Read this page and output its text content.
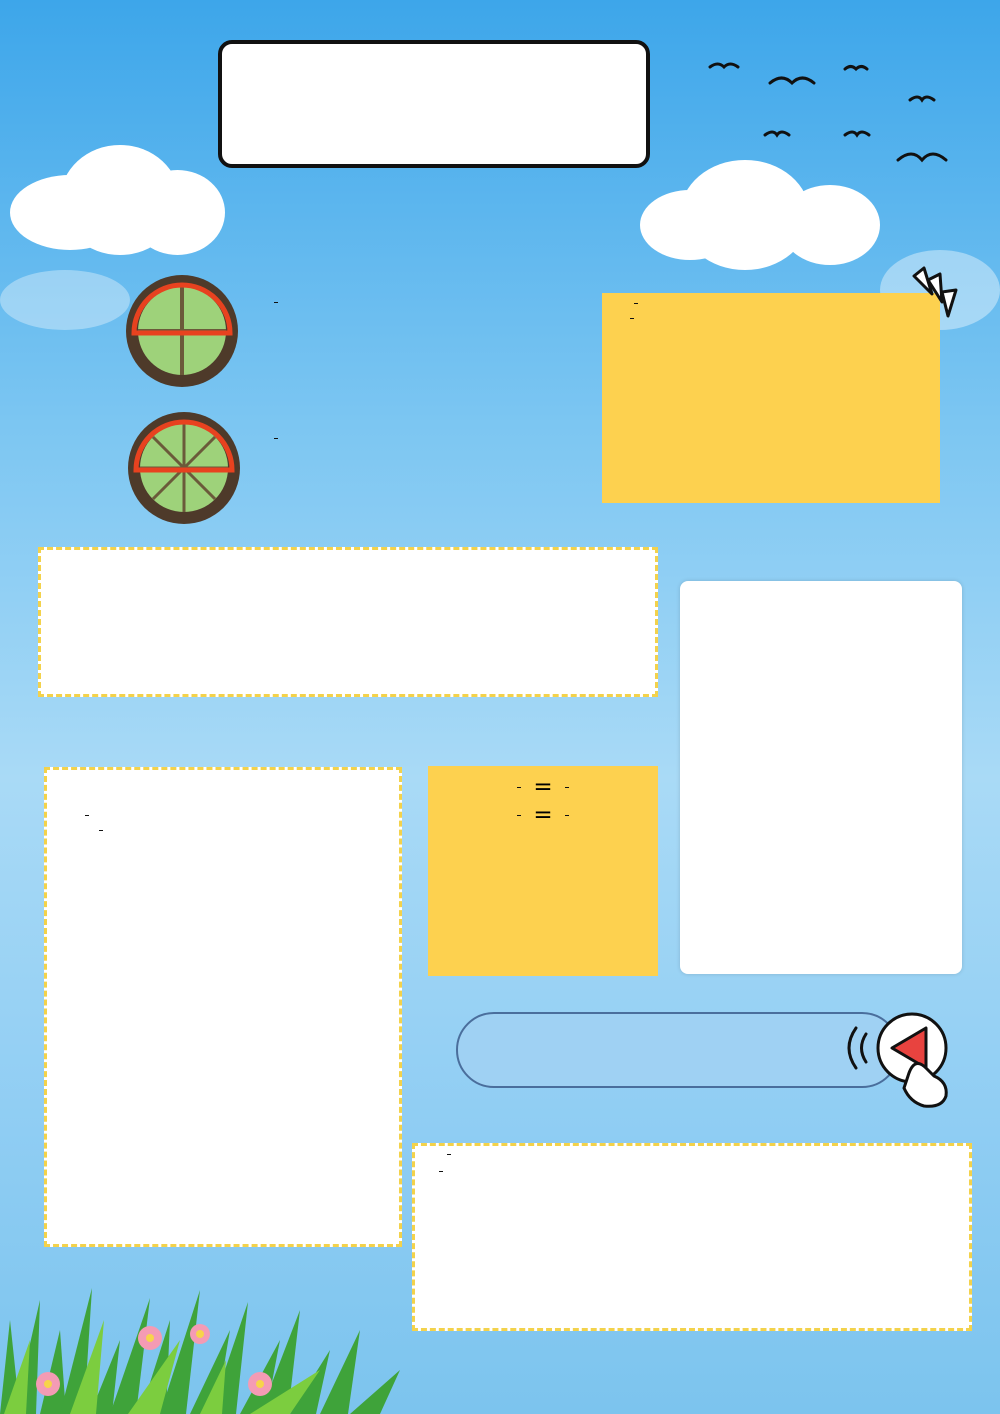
=
=
